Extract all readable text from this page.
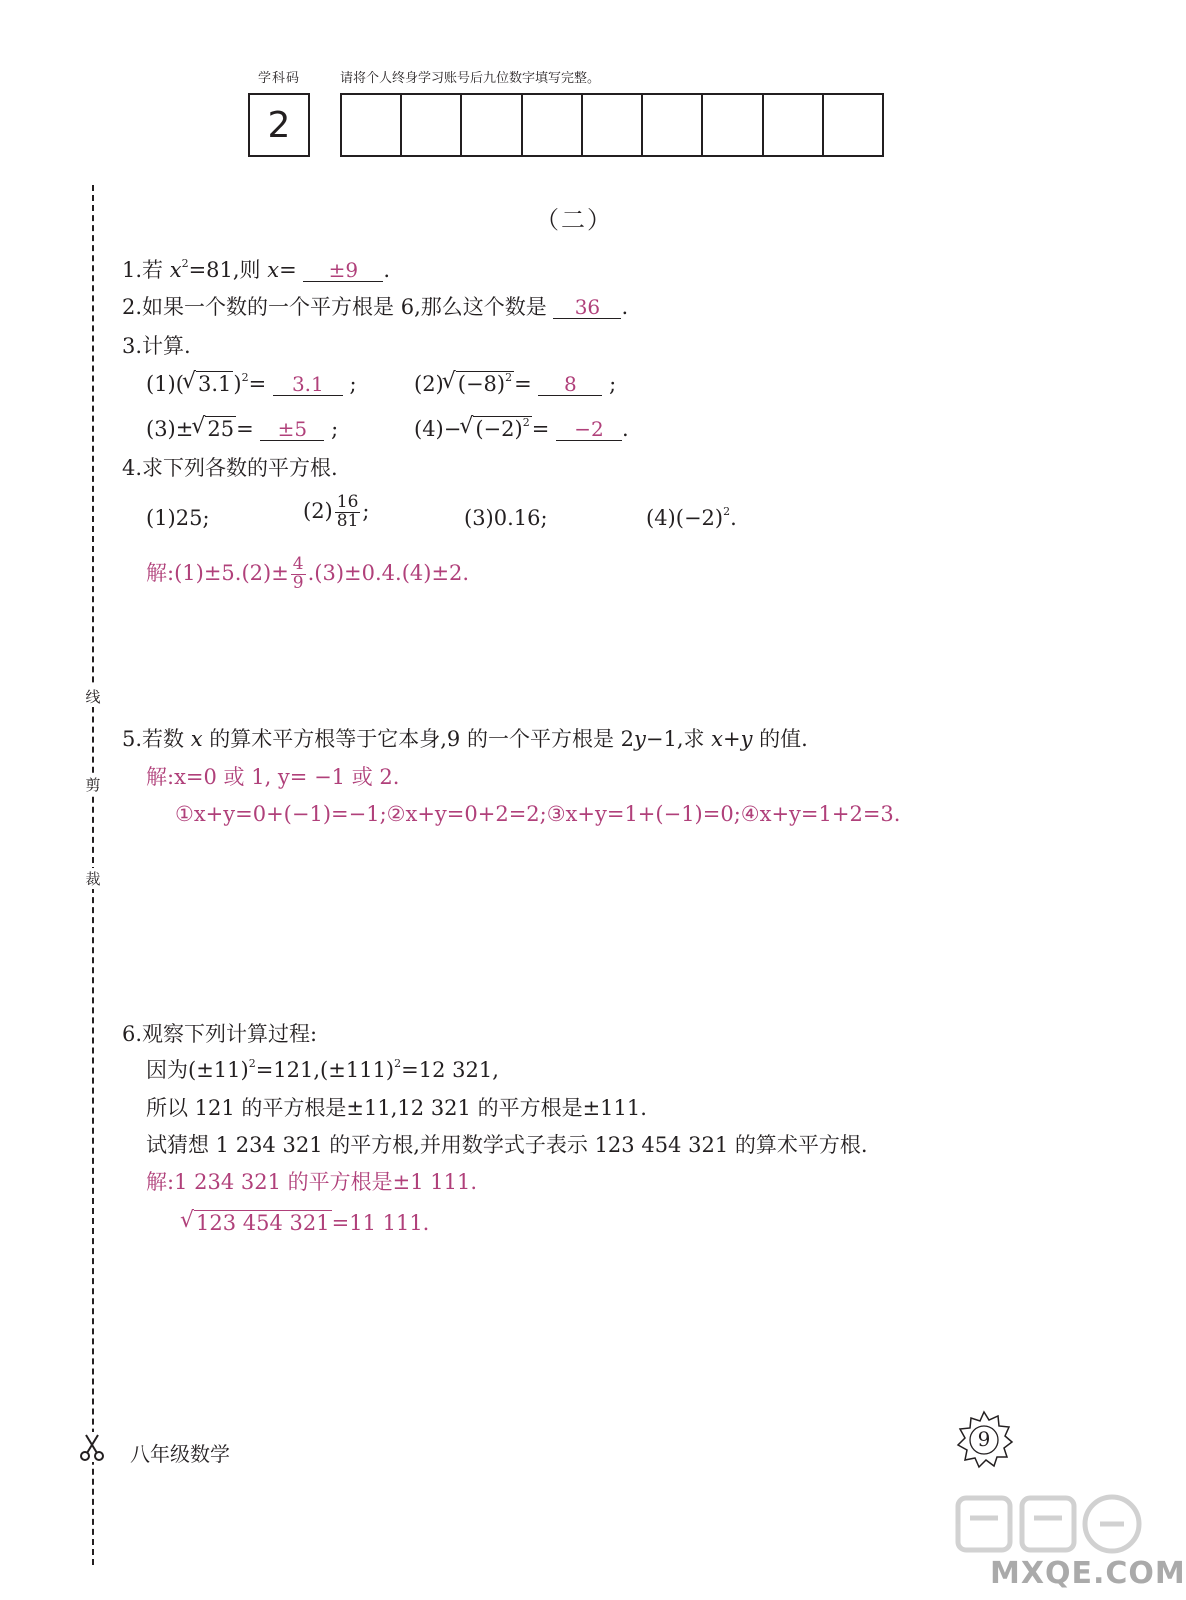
学科码	请将个人终身学习账号后九位数字填写完整。
2
线
剪
裁
（二）
1.若 $x^2=81$,则 x= ±9 .
2.如果一个数的一个平方根是 6,那么这个数是 36 .
3.计算.
(1)( √ 3.1)$^2$= 3.1 ;	(2) √ $(-8)^2= 8$ ;
(3)± √ 25= ±5 ;	(4)− √ $(-2)^2= -2$ .
4.求下列各数的平方根.
(1)25;	$(2) \frac{16}{81}$ ;	(3)0.16;	$(4)(-2)^2$.
解:(1)±5.(2)± $\frac{4}{9} .(3)\pm 0.4.(4)\pm 2$.
5.若数 x 的算术平方根等于它本身,9 的一个平方根是 2y−1,求 x+y 的值.
解:x=0 或 1, y= −1 或 2.
①x+y=0+(−1)=−1;②x+y=0+2=2;③x+y=1+(−1)=0;④x+y=1+2=3.
6.观察下列计算过程:
因为$(\pm 11)^2=121,(\pm 111)^2=12$ 321,
所以 121 的平方根是±11,12 321 的平方根是±111.
试猜想 1 234 321 的平方根,并用数学式子表示 123 454 321 的算术平方根.
解:1 234 321 的平方根是±1 111.
√ 123 454 321=11 111.
八年级数学
9
MXQE.COM
